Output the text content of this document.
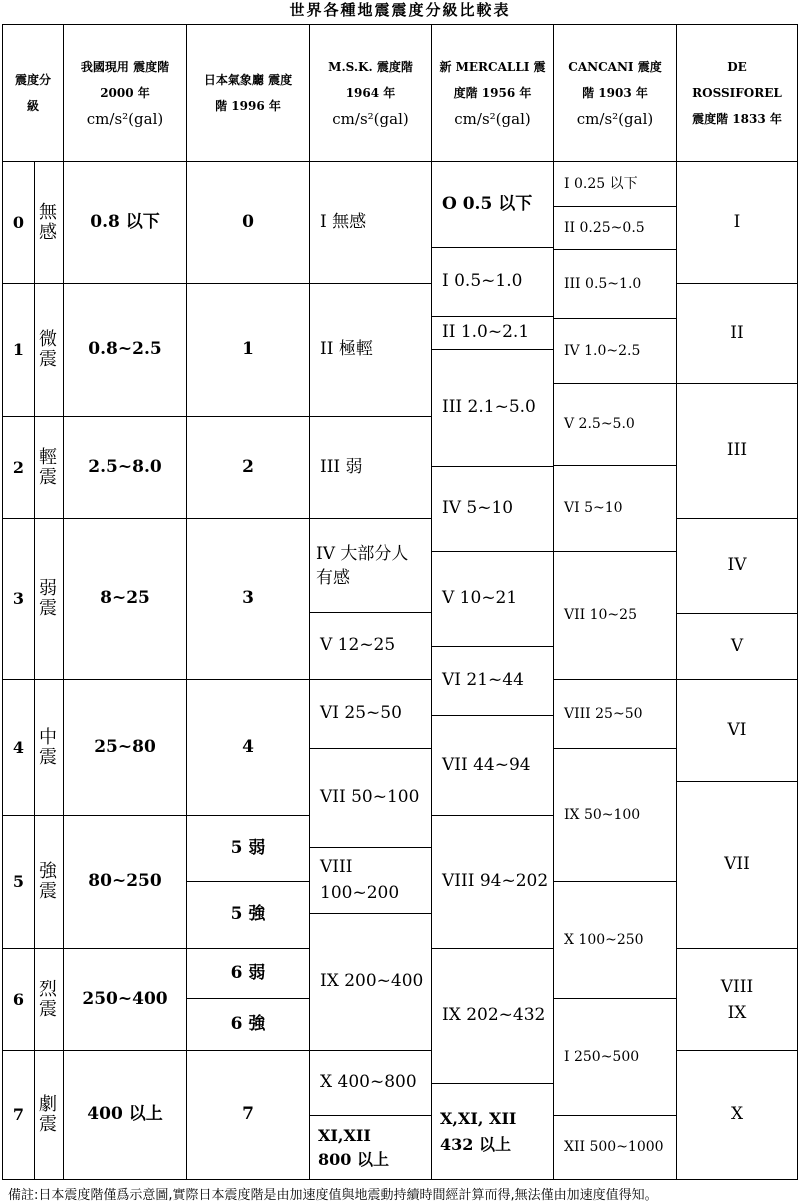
世界各種地震震度分級比較表
震度分級
我國現用 震度階 2000 年
cm/s²(gal)
日本氣象廳 震度階 1996 年
M.S.K. 震度階 1964 年
cm/s²(gal)
新 MERCALLI 震度階 1956 年
cm/s²(gal)
CANCANI 震度階 1903 年
cm/s²(gal)
DE ROSSIFOREL 震度階 1833 年
0
1
2
3
4
5
6
7
無感
微震
輕震
弱震
中震
強震
烈震
劇震
0.8 以下
0.8~2.5
2.5~8.0
8~25
25~80
80~250
250~400
400 以上
0
1
2
3
4
5 弱
5 強
6 弱
6 強
7
I 無感
II 極輕
III 弱
IV 大部分人有感
V 12~25
VI 25~50
VII 50~100
VIII 100~200
IX 200~400
X 400~800
XI,XII 800 以上
O 0.5 以下
I 0.5~1.0
II 1.0~2.1
III 2.1~5.0
IV 5~10
V 10~21
VI 21~44
VII 44~94
VIII 94~202
IX 202~432
X,XI, XII 432 以上
I 0.25 以下
II 0.25~0.5
III 0.5~1.0
IV 1.0~2.5
V 2.5~5.0
VI 5~10
VII 10~25
VIII 25~50
IX 50~100
X 100~250
I 250~500
XII 500~1000
I
II
III
IV
V
VI
VII
VIII IX
X
備註:日本震度階僅爲示意圖,實際日本震度階是由加速度值與地震動持續時間經計算而得,無法僅由加速度值得知。
